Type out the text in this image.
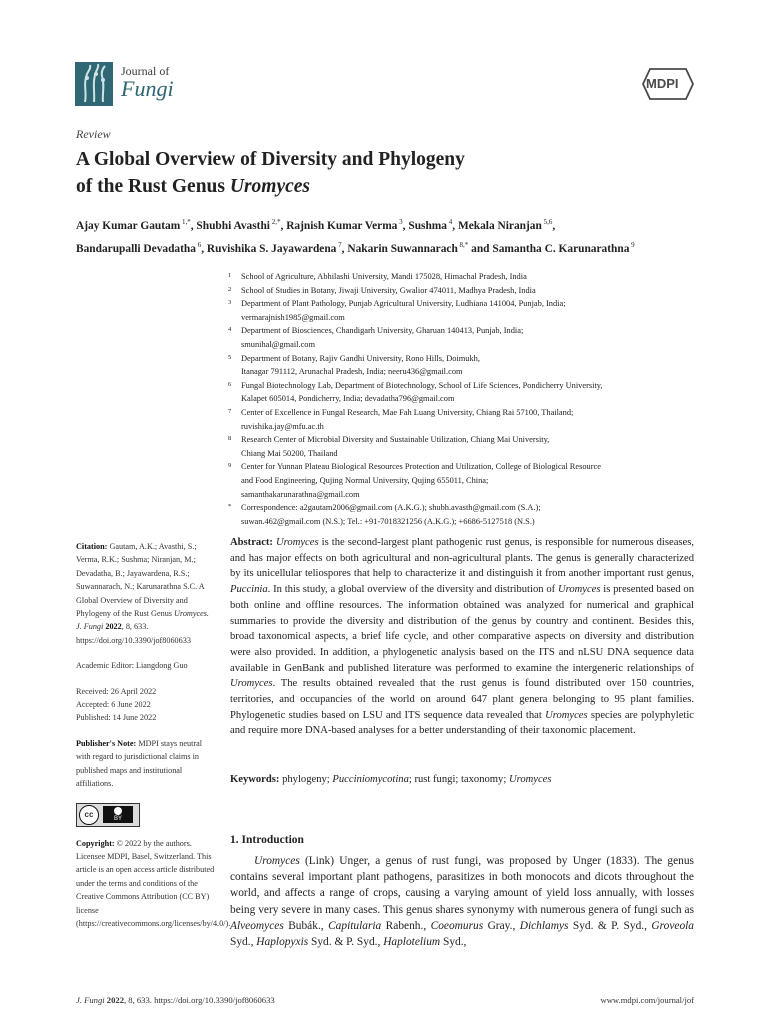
Journal of
Fungi	MDPI
Review
A Global Overview of Diversity and Phylogeny
of the Rust Genus Uromyces
Ajay Kumar Gautam $^{1,*}$, Shubhi Avasthi $^{2,*}$, Rajnish Kumar Verma $^3$, Sushma $^4$, Mekala Niranjan $^{5,6}$,
Bandarupalli Devadatha $^6$, Ruvishika S. Jayawardena $^7$, Nakarin Suwannarach $^{8,*}$ and Samantha C. Karunarathna $^9$
1 School of Agriculture, Abhilashi University, Mandi 175028, Himachal Pradesh, India
2 School of Studies in Botany, Jiwaji University, Gwalior 474011, Madhya Pradesh, India
3 Department of Plant Pathology, Punjab Agricultural University, Ludhiana 141004, Punjab, India;
vermarajnish1985@gmail.com
4 Department of Biosciences, Chandigarh University, Gharuan 140413, Punjab, India;
smunihal@gmail.com
5 Department of Botany, Rajiv Gandhi University, Rono Hills, Doimukh,
Itanagar 791112, Arunachal Pradesh, India; neeru436@gmail.com
6 Fungal Biotechnology Lab, Department of Biotechnology, School of Life Sciences, Pondicherry University,
Kalapet 605014, Pondicherry, India; devadatha796@gmail.com
7 Center of Excellence in Fungal Research, Mae Fah Luang University, Chiang Rai 57100, Thailand;
ruvishika.jay@mfu.ac.th
8 Research Center of Microbial Diversity and Sustainable Utilization, Chiang Mai University,
Chiang Mai 50200, Thailand
9 Center for Yunnan Plateau Biological Resources Protection and Utilization, College of Biological Resource
and Food Engineering, Qujing Normal University, Qujing 655011, China;
samanthakarunarathna@gmail.com
* Correspondence: a2gautam2006@gmail.com (A.K.G.); shubh.avasth@gmail.com (S.A.);
suwan.462@gmail.com (N.S.); Tel.: +91-7018321256 (A.K.G.); +6686-5127518 (N.S.)
Citation: Gautam, A.K.; Avasthi, S.; Verma, R.K.; Sushma; Niranjan, M.; Devadatha, B.; Jayawardena, R.S.; Suwannarach, N.; Karunarathna S.C. A Global Overview of Diversity and Phylogeny of the Rust Genus Uromyces. J. Fungi 2022, 8, 633. https://doi.org/10.3390/jof8060633
Academic Editor: Liangdong Guo
Received: 26 April 2022
Accepted: 6 June 2022
Published: 14 June 2022
Publisher's Note: MDPI stays neutral with regard to jurisdictional claims in published maps and institutional affiliations.
cc	BY
Copyright: © 2022 by the authors. Licensee MDPI, Basel, Switzerland. This article is an open access article distributed under the terms and conditions of the Creative Commons Attribution (CC BY) license (https://creativecommons.org/licenses/by/4.0/).
Abstract: Uromyces is the second-largest plant pathogenic rust genus, is responsible for numerous diseases, and has major effects on both agricultural and non-agricultural plants. The genus is generally characterized by its unicellular teliospores that help to characterize it and distinguish it from another important rust genus, Puccinia. In this study, a global overview of the diversity and distribution of Uromyces is presented based on both online and offline resources. The information obtained was analyzed for numerical and graphical summaries to provide the diversity and distribution of the genus by country and continent. Besides this, broad taxonomical aspects, a brief life cycle, and other comparative aspects on diversity and distribution were also provided. In addition, a phylogenetic analysis based on the ITS and nLSU DNA sequence data available in GenBank and published literature was performed to examine the intergeneric relationships of Uromyces. The results obtained revealed that the rust genus is found distributed over 150 countries, territories, and occupancies of the world on around 647 plant genera belonging to 95 plant families. Phylogenetic studies based on LSU and ITS sequence data revealed that Uromyces species are polyphyletic and require more DNA-based analyses for a better understanding of their taxonomic placement.
Keywords: phylogeny; Pucciniomycotina; rust fungi; taxonomy; Uromyces
1. Introduction
Uromyces (Link) Unger, a genus of rust fungi, was proposed by Unger (1833). The genus contains several important plant pathogens, parasitizes in both monocots and dicots throughout the world, and affects a range of crops, causing a varying amount of yield loss annually, with losses being very severe in many cases. This genus shares synonymy with numerous genera of fungi such as Alveomyces Bubák., Capitularia Rabenh., Coeomurus Gray., Dichlamys Syd. & P. Syd., Groveola Syd., Haplopyxis Syd. & P. Syd., Haplotelium Syd.,
J. Fungi 2022, 8, 633. https://doi.org/10.3390/jof8060633	www.mdpi.com/journal/jof
